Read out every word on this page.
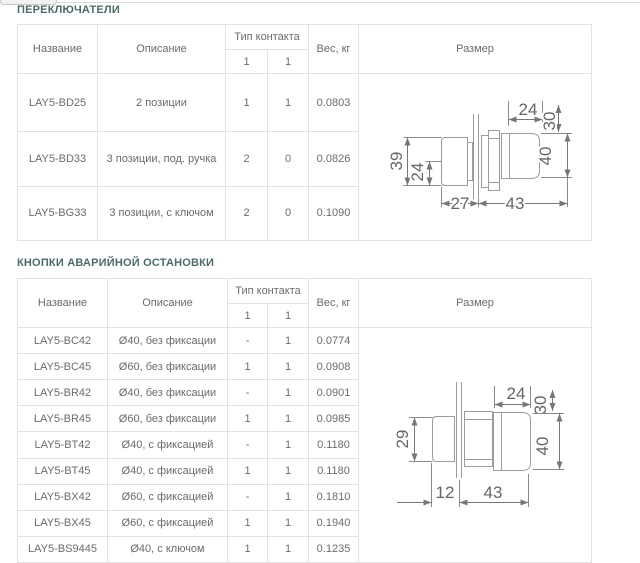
ПЕРЕКЛЮЧАТЕЛИ
Название	Описание	Тип контакта		Вес, кг	Размер
		1	1		
LAY5-BD25	2 позиции	1	1	0.0803	
39
24
27 43
24
30
40

LAY5-BD33	3 позиции, под. ручка	2	0	0.0826	
LAY5-BG33	3 позиции, с ключом	2	0	0.1090	
КНОПКИ АВАРИЙНОЙ ОСТАНОВКИ
Название	Описание	Тип контакта		Вес, кг	Размер
		1	1		
LAY5-BC42	Ø40, без фиксации	-	1	0.0774	
29
24
30
40
12 43

LAY5-BC45	Ø60, без фиксации	1	1	0.0908	
LAY5-BR42	Ø40, без фиксации	-	1	0.0901	
LAY5-BR45	Ø60, без фиксации	1	1	0.0985	
LAY5-BT42	Ø40, с фиксацией	-	1	0.1180	
LAY5-BT45	Ø40, с фиксацией	1	1	0.1180	
LAY5-BX42	Ø60, с фиксацией	-	1	0.1810	
LAY5-BX45	Ø60, с фиксацией	1	1	0.1940	
LAY5-BS9445	Ø40, с ключом	1	1	0.1235	
